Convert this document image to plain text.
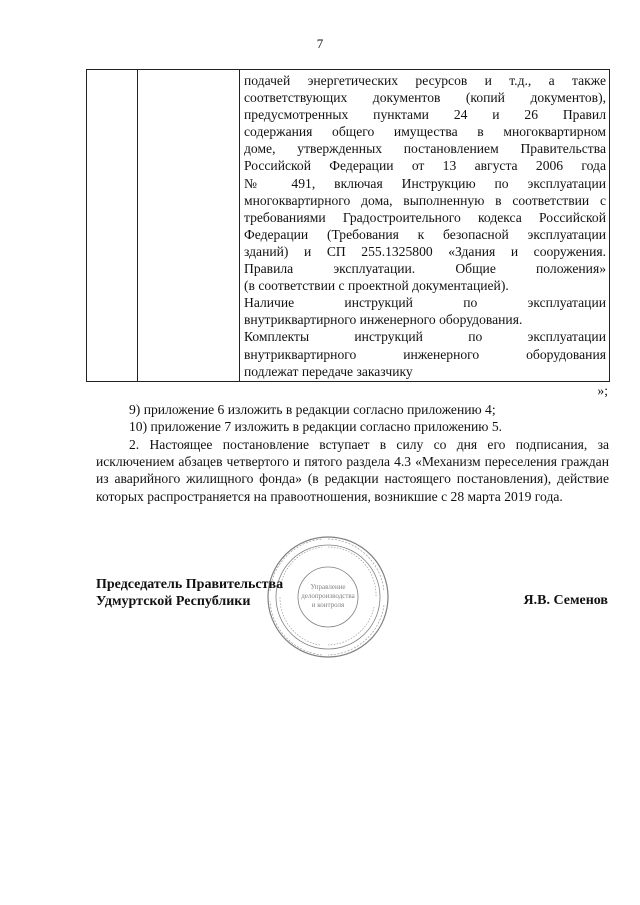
7

подачей энергетических ресурсов и т.д., а также
соответствующих документов (копий документов),
предусмотренных пунктами 24 и 26 Правил
содержания общего имущества в многоквартирном
доме, утвержденных постановлением Правительства
Российской Федерации от 13 августа 2006 года
№ 491, включая Инструкцию по эксплуатации
многоквартирного дома, выполненную в соответствии с
требованиями Градостроительного кодекса Российской
Федерации (Требования к безопасной эксплуатации
зданий) и СП 255.1325800 «Здания и сооружения.
Правила эксплуатации. Общие положения»
(в соответствии с проектной документацией).
Наличие инструкций по эксплуатации
внутриквартирного инженерного оборудования.
Комплекты инструкций по эксплуатации
внутриквартирного инженерного оборудования
подлежат передаче заказчику
»;
9) приложение 6 изложить в редакции согласно приложению 4;
10) приложение 7 изложить в редакции согласно приложению 5.
2. Настоящее постановление вступает в силу со дня его подписания, за исключением абзацев четвертого и пятого раздела 4.3 «Механизм переселения граждан из аварийного жилищного фонда» (в редакции настоящего постановления), действие которых распространяется на правоотношения, возникшие с 28 марта 2019 года.
Управление
делопроизводства
и контроля
Председатель Правительства
Удмуртской Республики	Я.В. Семенов
